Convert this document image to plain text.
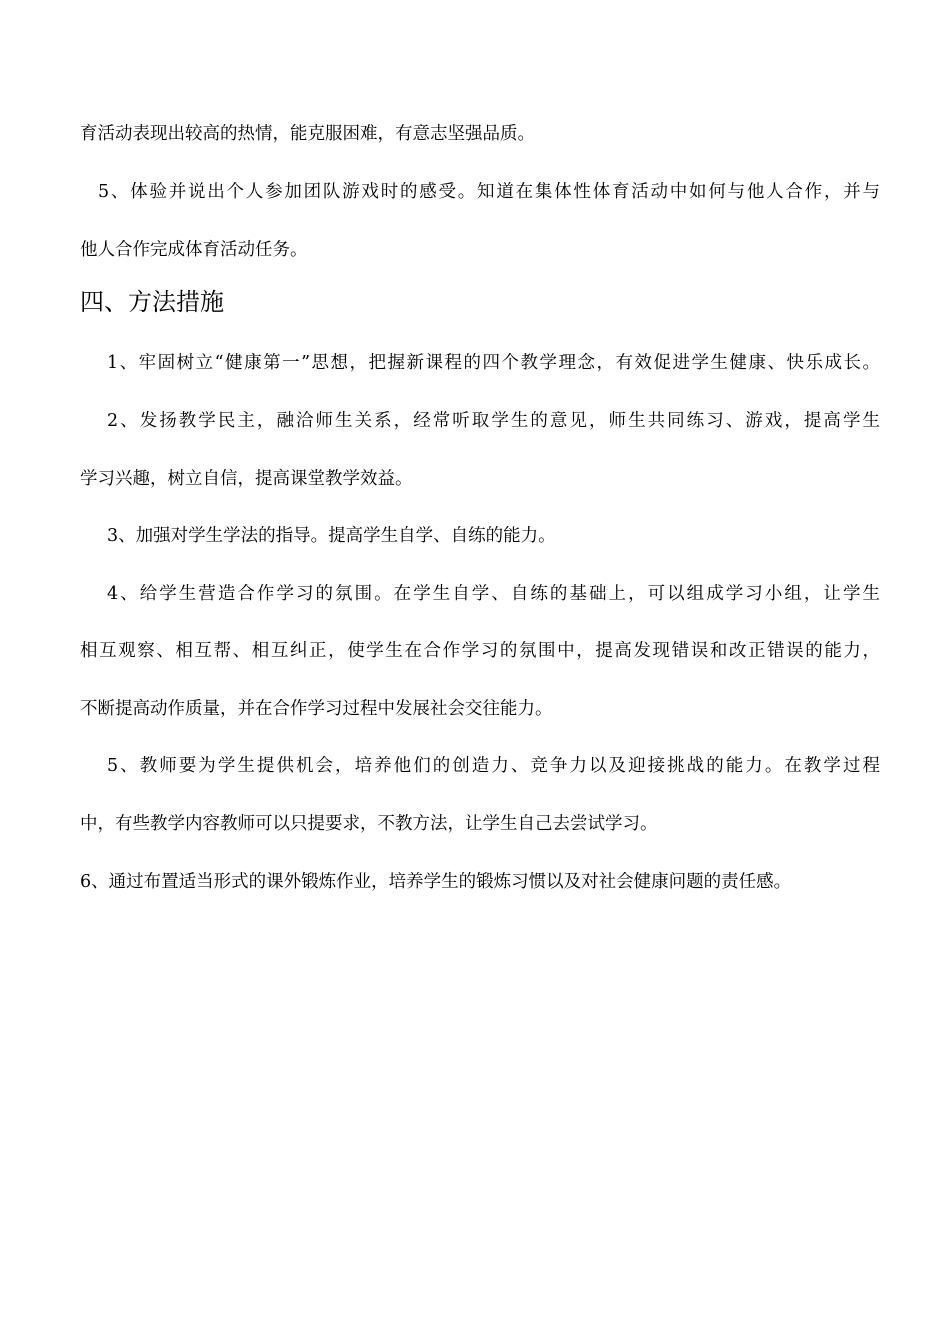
育活动表现出较高的热情，能克服困难，有意志坚强品质。
5、体验并说出个人参加团队游戏时的感受。知道在集体性体育活动中如何与他人合作，并与
他人合作完成体育活动任务。
四、方法措施
1、牢固树立“健康第一”思想，把握新课程的四个教学理念，有效促进学生健康、快乐成长。
2、发扬教学民主，融洽师生关系，经常听取学生的意见，师生共同练习、游戏，提高学生
学习兴趣，树立自信，提高课堂教学效益。
3、加强对学生学法的指导。提高学生自学、自练的能力。
4、给学生营造合作学习的氛围。在学生自学、自练的基础上，可以组成学习小组，让学生
相互观察、相互帮、相互纠正，使学生在合作学习的氛围中，提高发现错误和改正错误的能力，
不断提高动作质量，并在合作学习过程中发展社会交往能力。
5、教师要为学生提供机会，培养他们的创造力、竞争力以及迎接挑战的能力。在教学过程
中，有些教学内容教师可以只提要求，不教方法，让学生自己去尝试学习。
6、通过布置适当形式的课外锻炼作业，培养学生的锻炼习惯以及对社会健康问题的责任感。
